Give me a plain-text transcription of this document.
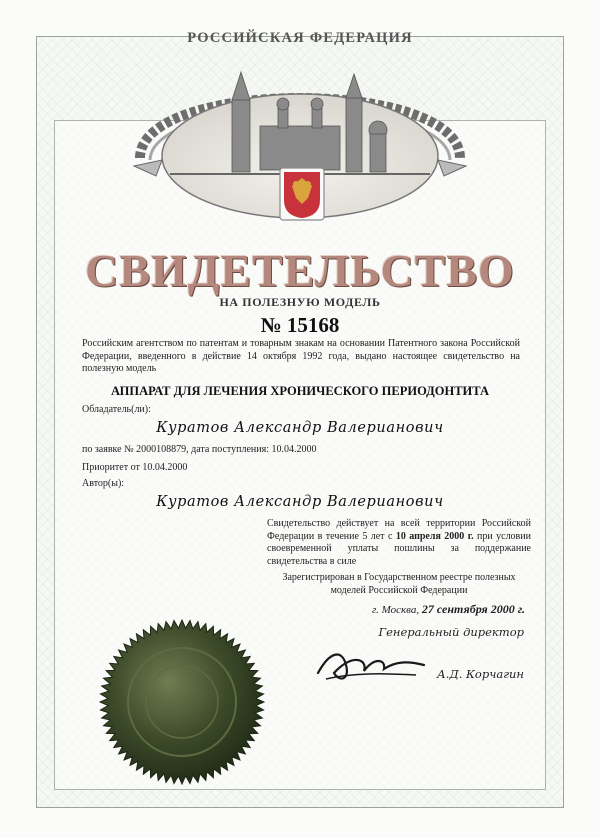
РОССИЙСКАЯ ФЕДЕРАЦИЯ
СВИДЕТЕЛЬСТВО
НА ПОЛЕЗНУЮ МОДЕЛЬ
№ 15168
Российским агентством по патентам и товарным знакам на основании Патентного закона Российской Федерации, введенного в действие 14 октября 1992 года, выдано настоящее свидетельство на полезную модель
АППАРАТ ДЛЯ ЛЕЧЕНИЯ ХРОНИЧЕСКОГО ПЕРИОДОНТИТА
Обладатель(ли):
Куратов Александр Валерианович
по заявке № 2000108879, дата поступления: 10.04.2000
Приоритет от 10.04.2000
Автор(ы):
Куратов Александр Валерианович
Свидетельство действует на всей территории Российской Федерации в течение 5 лет с 10 апреля 2000 г. при условии своевременной уплаты пошлины за поддержание свидетельства в силе
Зарегистрирован в Государственном реестре полезных моделей Российской Федерации
г. Москва, 27 сентября 2000 г.
Генеральный директор
А.Д. Корчагин
